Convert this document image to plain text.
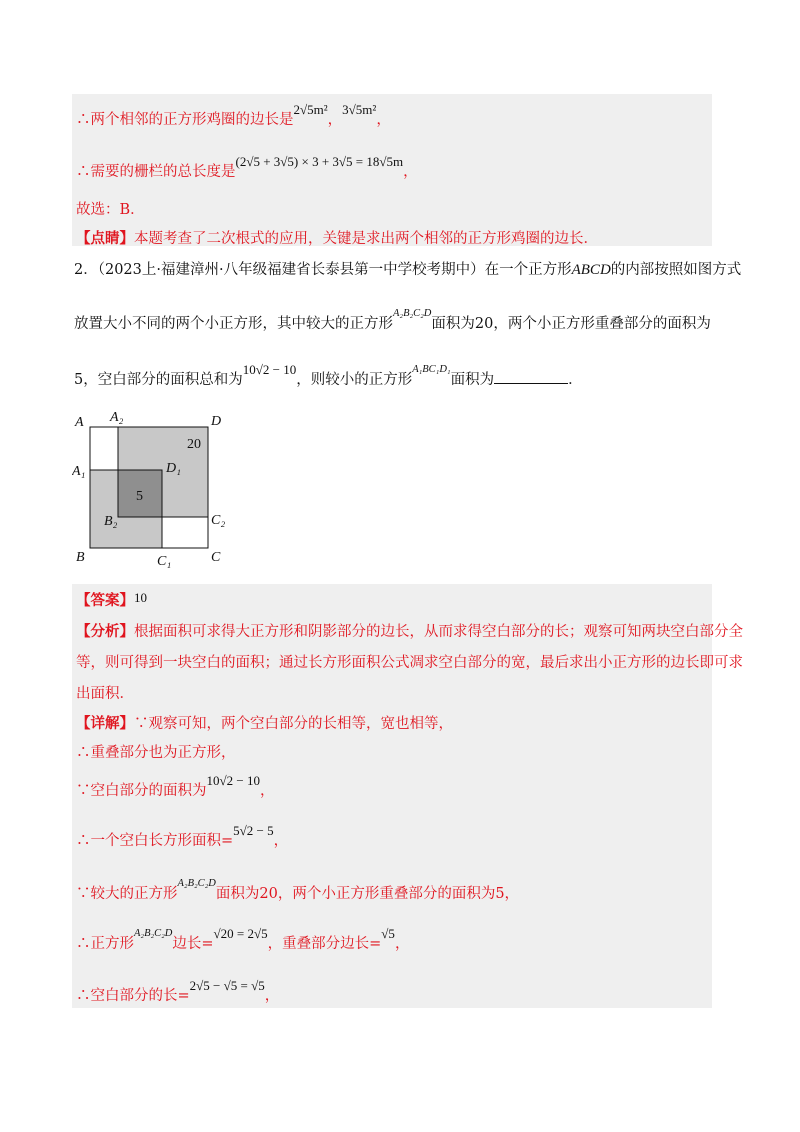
∴两个相邻的正方形鸡圈的边长是2√5m²，3√5m²，
∴需要的栅栏的总长度是(2√5 + 3√5) × 3 + 3√5 = 18√5m，
故选：B．
【点睛】本题考查了二次根式的应用，关键是求出两个相邻的正方形鸡圈的边长．
2．（2023上·福建漳州·八年级福建省长泰县第一中学校考期中）在一个正方形ABCD的内部按照如图方式
放置大小不同的两个小正方形，其中较大的正方形$^{A_2B_2C_2D}$面积为20，两个小正方形重叠部分的面积为
5，空白部分的面积总和为10√2 − 10，则较小的正方形$^{A_1BC_1D_1}$面积为	．
A A₂	D
A₁	D₁
B₂	C₂
B	C₁	C
20
5
【答案】10
【分析】根据面积可求得大正方形和阴影部分的边长，从而求得空白部分的长；观察可知两块空白部分全
等，则可得到一块空白的面积；通过长方形面积公式凋求空白部分的宽，最后求出小正方形的边长即可求
出面积．
【详解】∵观察可知，两个空白部分的长相等，宽也相等，
∴重叠部分也为正方形，
∵空白部分的面积为10√2 − 10，
∴一个空白长方形面积=5√2 − 5，
∵较大的正方形$^{A_2B_2C_2D}$面积为20，两个小正方形重叠部分的面积为5，
∴正方形$^{A_2B_2C_2D}$边长=√20 = 2√5，重叠部分边长=√5，
∴空白部分的长=2√5 − √5 = √5，
